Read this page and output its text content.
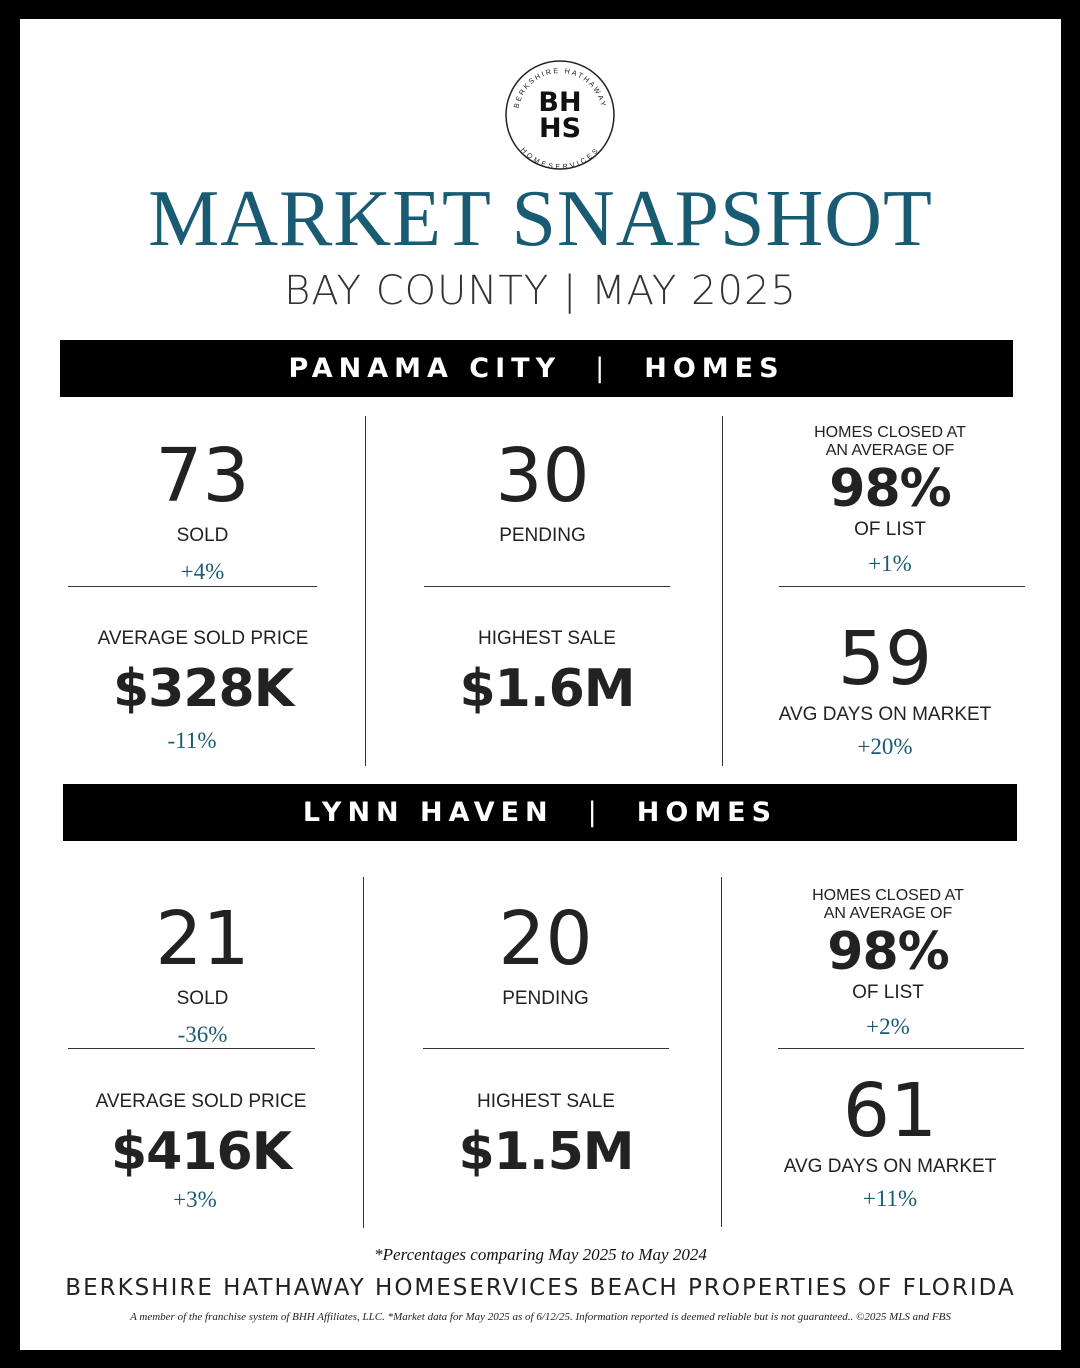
BERKSHIRE HATHAWAY
HOMESERVICES
BH
HS
MARKET SNAPSHOT
BAY COUNTY | MAY 2025
PANAMA CITY | HOMES
73
SOLD
+4%
30
PENDING
HOMES CLOSED AT
AN AVERAGE OF
98%
OF LIST
+1%
AVERAGE SOLD PRICE
$328K
-11%
HIGHEST SALE
$1.6M	59
AVG DAYS ON MARKET
+20%
LYNN HAVEN | HOMES
21
SOLD
-36%
20
PENDING
HOMES CLOSED AT
AN AVERAGE OF
98%
OF LIST
+2%
AVERAGE SOLD PRICE
$416K
+3%
HIGHEST SALE
$1.5M	61
AVG DAYS ON MARKET
+11%
*Percentages comparing May 2025 to May 2024
BERKSHIRE HATHAWAY HOMESERVICES BEACH PROPERTIES OF FLORIDA
A member of the franchise system of BHH Affiliates, LLC. *Market data for May 2025 as of 6/12/25. Information reported is deemed reliable but is not guaranteed.. ©2025 MLS and FBS
